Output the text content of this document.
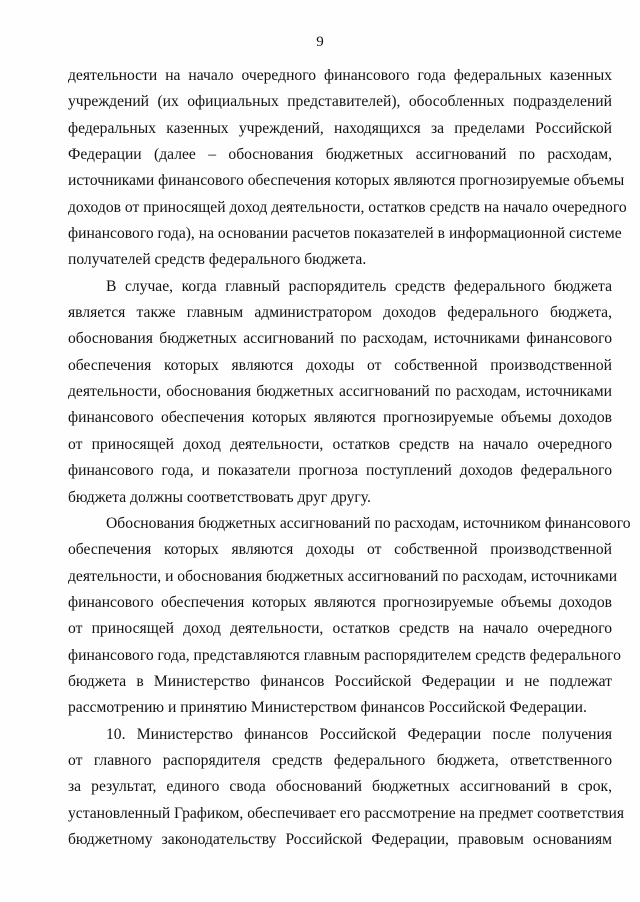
9
деятельности на начало очередного финансового года федеральных казенных
учреждений (их официальных представителей), обособленных подразделений
федеральных казенных учреждений, находящихся за пределами Российской
Федерации (далее – обоснования бюджетных ассигнований по расходам,
источниками финансового обеспечения которых являются прогнозируемые объемы
доходов от приносящей доход деятельности, остатков средств на начало очередного
финансового года), на основании расчетов показателей в информационной системе
получателей средств федерального бюджета.
В случае, когда главный распорядитель средств федерального бюджета
является также главным администратором доходов федерального бюджета,
обоснования бюджетных ассигнований по расходам, источниками финансового
обеспечения которых являются доходы от собственной производственной
деятельности, обоснования бюджетных ассигнований по расходам, источниками
финансового обеспечения которых являются прогнозируемые объемы доходов
от приносящей доход деятельности, остатков средств на начало очередного
финансового года, и показатели прогноза поступлений доходов федерального
бюджета должны соответствовать друг другу.
Обоснования бюджетных ассигнований по расходам, источником финансового
обеспечения которых являются доходы от собственной производственной
деятельности, и обоснования бюджетных ассигнований по расходам, источниками
финансового обеспечения которых являются прогнозируемые объемы доходов
от приносящей доход деятельности, остатков средств на начало очередного
финансового года, представляются главным распорядителем средств федерального
бюджета в Министерство финансов Российской Федерации и не подлежат
рассмотрению и принятию Министерством финансов Российской Федерации.
10. Министерство финансов Российской Федерации после получения
от главного распорядителя средств федерального бюджета, ответственного
за результат, единого свода обоснований бюджетных ассигнований в срок,
установленный Графиком, обеспечивает его рассмотрение на предмет соответствия
бюджетному законодательству Российской Федерации, правовым основаниям
